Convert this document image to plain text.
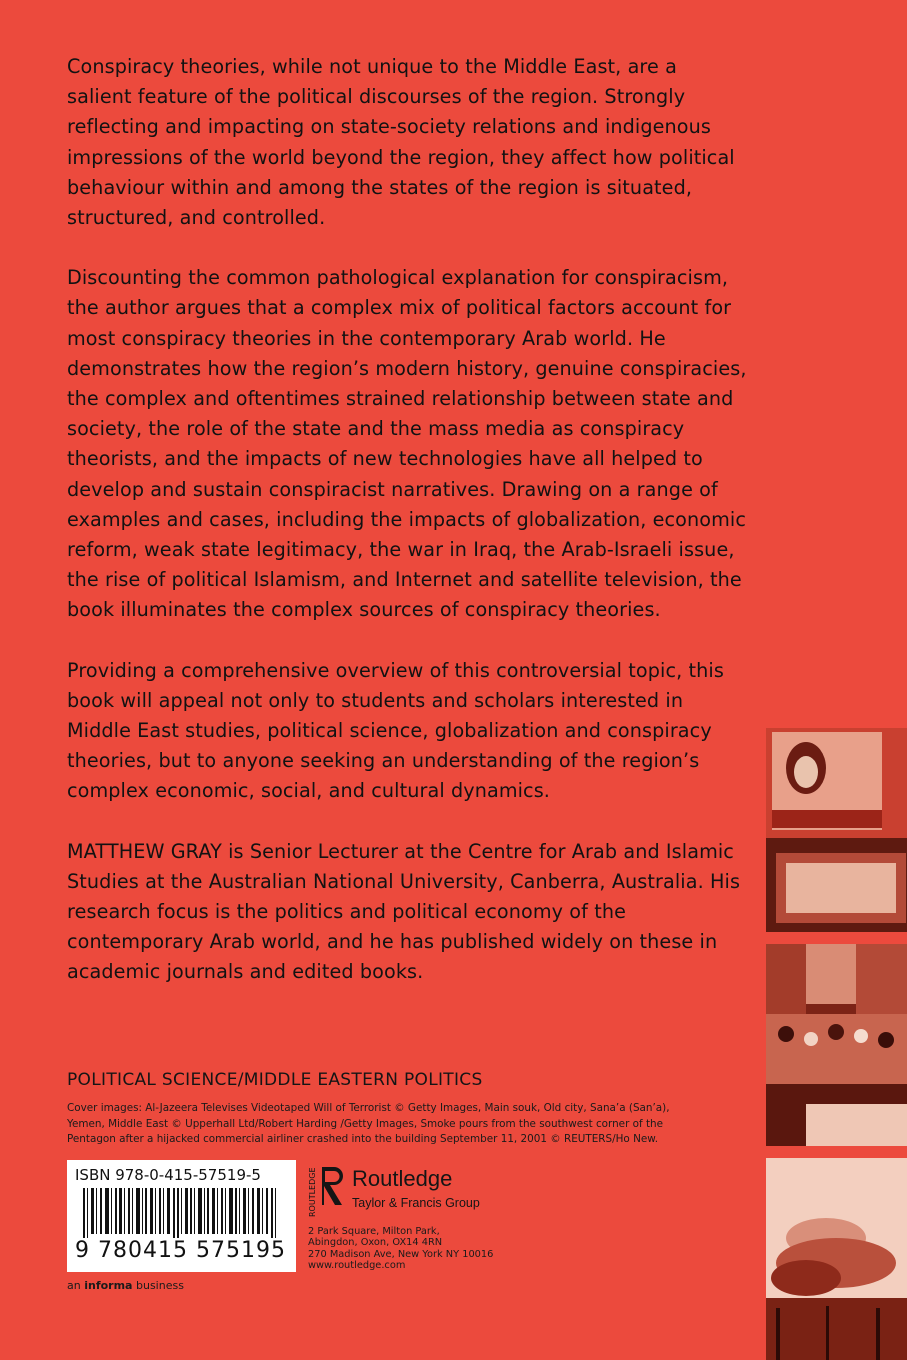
Conspiracy theories, while not unique to the Middle East, are a salient feature of the political discourses of the region. Strongly reflecting and impacting on state-society relations and indigenous impressions of the world beyond the region, they affect how political behaviour within and among the states of the region is situated, structured, and controlled.

Discounting the common pathological explanation for conspiracism, the author argues that a complex mix of political factors account for most conspiracy theories in the contemporary Arab world. He demonstrates how the region’s modern history, genuine conspiracies, the complex and oftentimes strained relationship between state and society, the role of the state and the mass media as conspiracy theorists, and the impacts of new technologies have all helped to develop and sustain conspiracist narratives. Drawing on a range of examples and cases, including the impacts of globalization, economic reform, weak state legitimacy, the war in Iraq, the Arab-Israeli issue, the rise of political Islamism, and Internet and satellite television, the book illuminates the complex sources of conspiracy theories.

Providing a comprehensive overview of this controversial topic, this book will appeal not only to students and scholars interested in Middle East studies, political science, globalization and conspiracy theories, but to anyone seeking an understanding of the region’s complex economic, social, and cultural dynamics.

MATTHEW GRAY is Senior Lecturer at the Centre for Arab and Islamic Studies at the Australian National University, Canberra, Australia. His research focus is the politics and political economy of the contemporary Arab world, and he has published widely on these in academic journals and edited books.

POLITICAL SCIENCE/MIDDLE EASTERN POLITICS
Cover images: Al-Jazeera Televises Videotaped Will of Terrorist © Getty Images, Main souk, Old city, Sana’a (San’a), Yemen, Middle East © Upperhall Ltd/Robert Harding /Getty Images, Smoke pours from the southwest corner of the Pentagon after a hijacked commercial airliner crashed into the building September 11, 2001 © REUTERS/Ho New.
ISBN 978-0-415-57519-5
9 780415 575195
an informa business
ROUTLEDGE Routledge
Taylor & Francis Group
2 Park Square, Milton Park,
Abingdon, Oxon, OX14 4RN
270 Madison Ave, New York NY 10016
www.routledge.com
